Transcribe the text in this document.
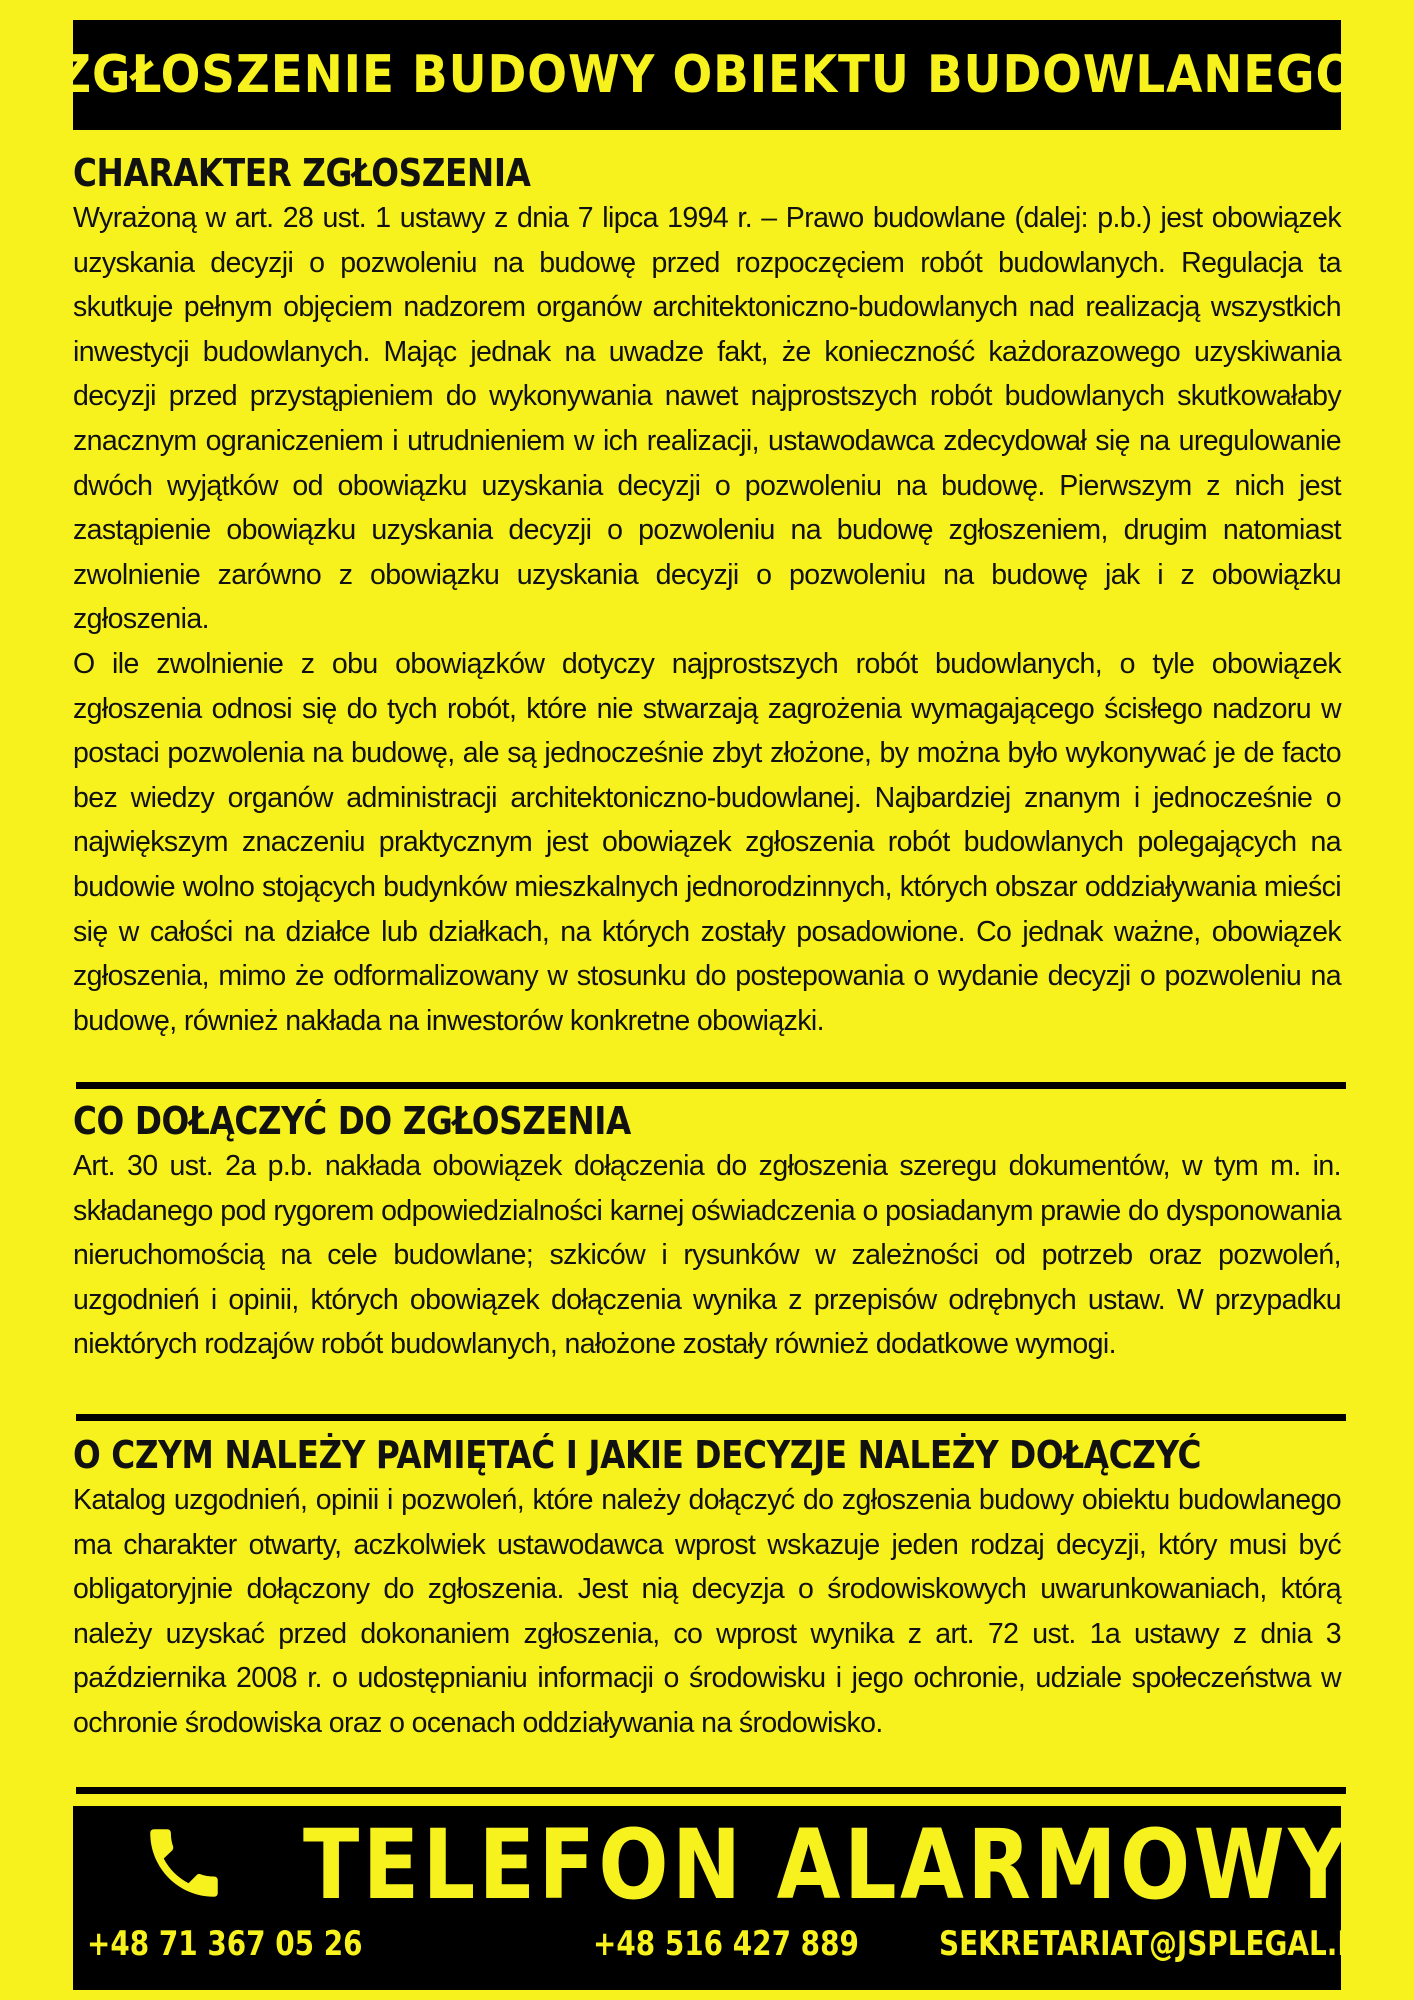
ZGŁOSZENIE BUDOWY OBIEKTU BUDOWLANEGO
CHARAKTER ZGŁOSZENIA

Wyrażoną w art. 28 ust. 1 ustawy z dnia 7 lipca 1994 r. – Prawo budowlane (dalej: p.b.) jest obowiązek uzyskania decyzji o pozwoleniu na budowę przed rozpoczęciem robót budowlanych. Regulacja ta skutkuje pełnym objęciem nadzorem organów architektoniczno-budowlanych nad realizacją wszystkich inwestycji budowlanych. Mając jednak na uwadze fakt, że konieczność każdorazowego uzyskiwania decyzji przed przystąpieniem do wykonywania nawet najprostszych robót budowlanych skutkowałaby znacznym ograniczeniem i utrudnieniem w ich realizacji, ustawodawca zdecydował się na uregulowanie dwóch wyjątków od obowiązku uzyskania decyzji o pozwoleniu na budowę. Pierwszym z nich jest zastąpienie obowiązku uzyskania decyzji o pozwoleniu na budowę zgłoszeniem, drugim natomiast zwolnienie zarówno z obowiązku uzyskania decyzji o pozwoleniu na budowę jak i z obowiązku zgłoszenia.

O ile zwolnienie z obu obowiązków dotyczy najprostszych robót budowlanych, o tyle obowiązek zgłoszenia odnosi się do tych robót, które nie stwarzają zagrożenia wymagającego ścisłego nadzoru w postaci pozwolenia na budowę, ale są jednocześnie zbyt złożone, by można było wykonywać je de facto bez wiedzy organów administracji architektoniczno-budowlanej. Najbardziej znanym i jednocześnie o największym znaczeniu praktycznym jest obowiązek zgłoszenia robót budowlanych polegających na budowie wolno stojących budynków mieszkalnych jednorodzinnych, których obszar oddziaływania mieści się w całości na działce lub działkach, na których zostały posadowione. Co jednak ważne, obowiązek zgłoszenia, mimo że odformalizowany w stosunku do postepowania o wydanie decyzji o pozwoleniu na budowę, również nakłada na inwestorów konkretne obowiązki.

CO DOŁĄCZYĆ DO ZGŁOSZENIA

Art. 30 ust. 2a p.b. nakłada obowiązek dołączenia do zgłoszenia szeregu dokumentów, w tym m. in. składanego pod rygorem odpowiedzialności karnej oświadczenia o posiadanym prawie do dysponowania nieruchomością na cele budowlane; szkiców i rysunków w zależności od potrzeb oraz pozwoleń, uzgodnień i opinii, których obowiązek dołączenia wynika z przepisów odrębnych ustaw. W przypadku niektórych rodzajów robót budowlanych, nałożone zostały również dodatkowe wymogi.

O CZYM NALEŻY PAMIĘTAĆ I JAKIE DECYZJE NALEŻY DOŁĄCZYĆ

Katalog uzgodnień, opinii i pozwoleń, które należy dołączyć do zgłoszenia budowy obiektu budowlanego ma charakter otwarty, aczkolwiek ustawodawca wprost wskazuje jeden rodzaj decyzji, który musi być obligatoryjnie dołączony do zgłoszenia. Jest nią decyzja o środowiskowych uwarunkowaniach, którą należy uzyskać przed dokonaniem zgłoszenia, co wprost wynika z art. 72 ust. 1a ustawy z dnia 3 października 2008 r. o udostępnianiu informacji o środowisku i jego ochronie, udziale społeczeństwa w ochronie środowiska oraz o ocenach oddziaływania na środowisko.

TELEFON ALARMOWY
+48 71 367 05 26	+48 516 427 889 SEKRETARIAT@JSPLEGAL.PL
